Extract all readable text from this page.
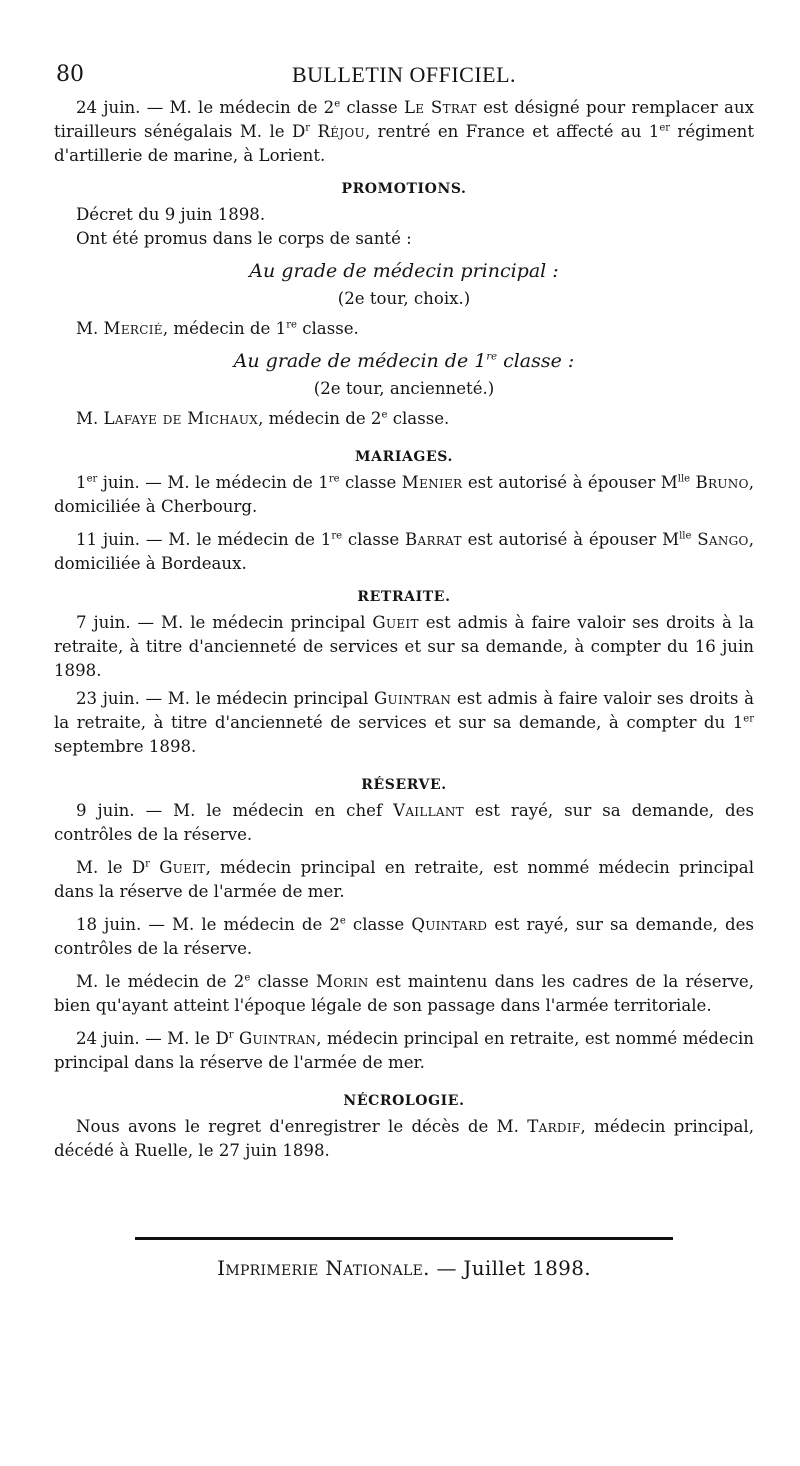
80	BULLETIN OFFICIEL.

24 juin. — M. le médecin de 2e classe Le Strat est désigné pour remplacer aux tirailleurs sénégalais M. le $D^r$ Réjou, rentré en France et affecté au 1er régiment d'artillerie de marine, à Lorient.

PROMOTIONS.

Décret du 9 juin 1898.

Ont été promus dans le corps de santé :

Au grade de médecin principal :
(2e tour, choix.)

M. Mercié, médecin de 1re classe.

Au grade de médecin de 1re classe :
(2e tour, ancienneté.)

M. Lafaye de Michaux, médecin de 2e classe.

MARIAGES.

1er juin. — M. le médecin de 1re classe Menier est autorisé à épouser $M^{lle}$ Bruno, domiciliée à Cherbourg.

11 juin. — M. le médecin de 1re classe Barrat est autorisé à épouser $M^{lle}$ Sango, domiciliée à Bordeaux.

RETRAITE.

7 juin. — M. le médecin principal Gueit est admis à faire valoir ses droits à la retraite, à titre d'ancienneté de services et sur sa demande, à compter du 16 juin 1898.

23 juin. — M. le médecin principal Guintran est admis à faire valoir ses droits à la retraite, à titre d'ancienneté de services et sur sa demande, à compter du 1er septembre 1898.

RÉSERVE.

9 juin. — M. le médecin en chef Vaillant est rayé, sur sa demande, des contrôles de la réserve.

M. le $D^r$ Gueit, médecin principal en retraite, est nommé médecin principal dans la réserve de l'armée de mer.

18 juin. — M. le médecin de 2e classe Quintard est rayé, sur sa demande, des contrôles de la réserve.

M. le médecin de 2e classe Morin est maintenu dans les cadres de la réserve, bien qu'ayant atteint l'époque légale de son passage dans l'armée territoriale.

24 juin. — M. le $D^r$ Guintran, médecin principal en retraite, est nommé médecin principal dans la réserve de l'armée de mer.

NÉCROLOGIE.

Nous avons le regret d'enregistrer le décès de M. Tardif, médecin principal, décédé à Ruelle, le 27 juin 1898.

Imprimerie Nationale. — Juillet 1898.
